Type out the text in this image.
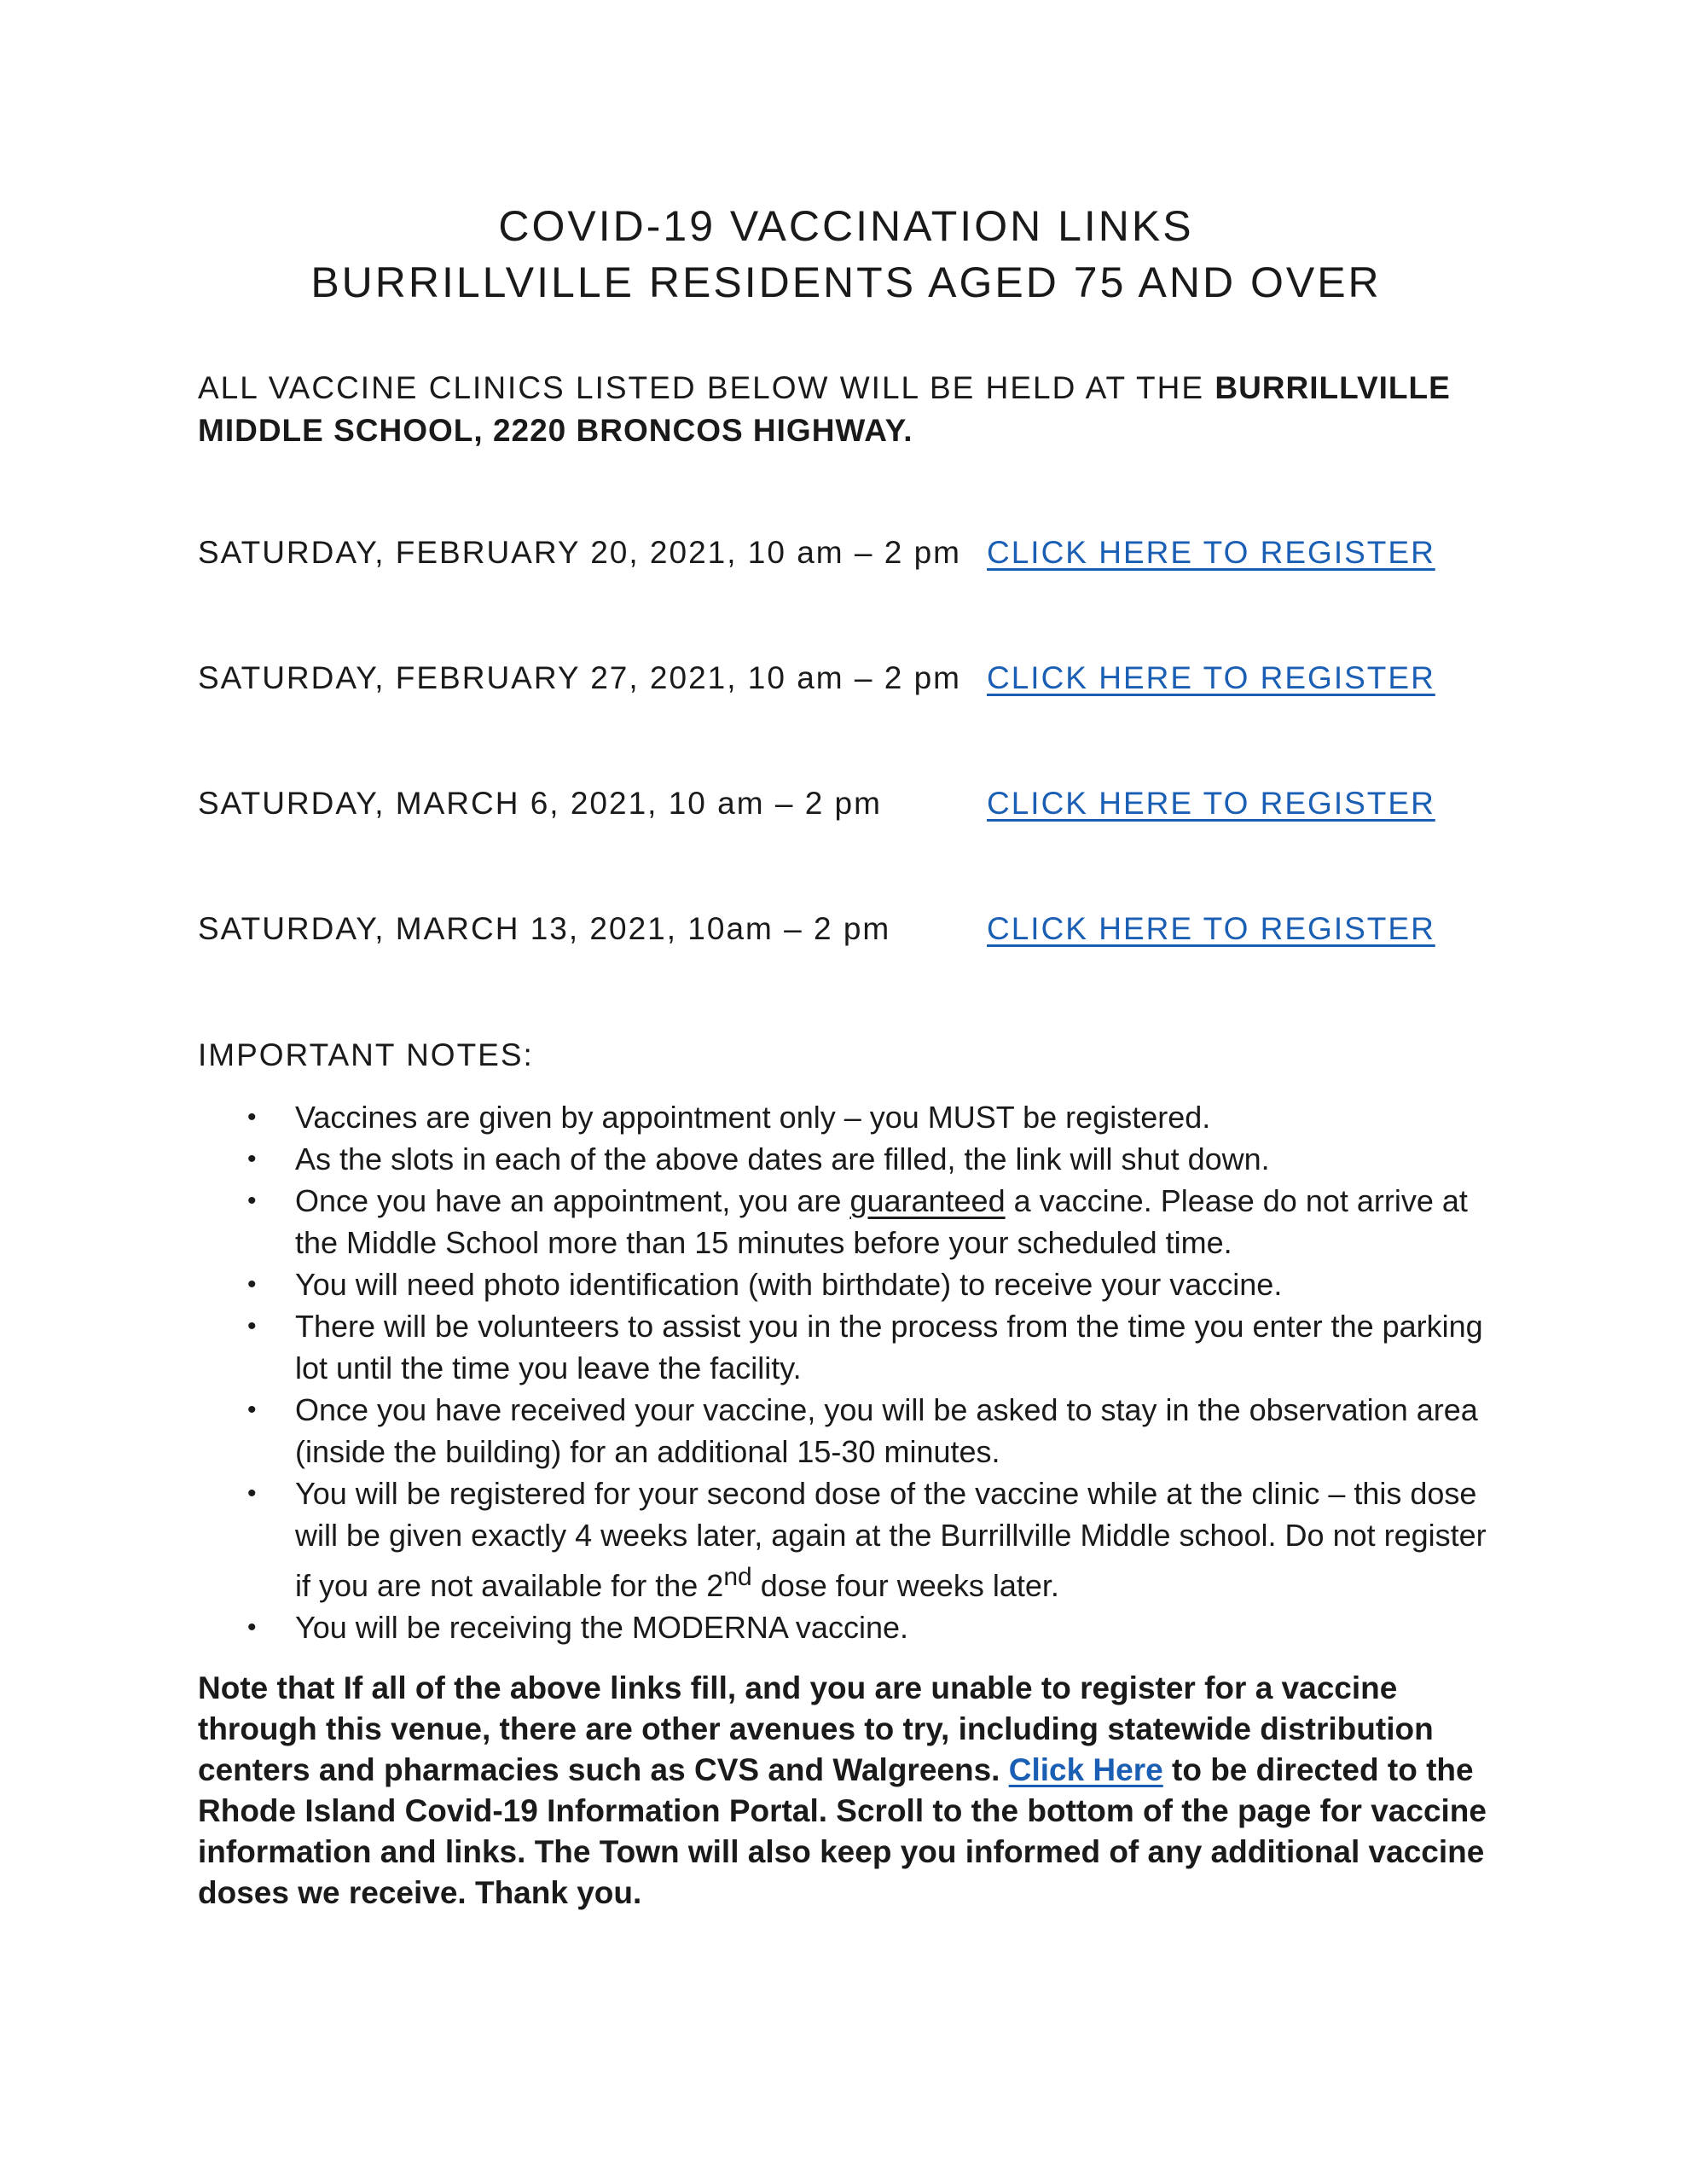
COVID-19 VACCINATION LINKS
BURRILLVILLE RESIDENTS AGED 75 AND OVER
ALL VACCINE CLINICS LISTED BELOW WILL BE HELD AT THE BURRILLVILLE MIDDLE SCHOOL, 2220 BRONCOS HIGHWAY.
SATURDAY, FEBRUARY 20, 2021, 10 am – 2 pm CLICK HERE TO REGISTER
SATURDAY, FEBRUARY 27, 2021, 10 am – 2 pm CLICK HERE TO REGISTER
SATURDAY, MARCH 6, 2021, 10 am – 2 pm	CLICK HERE TO REGISTER
SATURDAY, MARCH 13, 2021, 10am – 2 pm	CLICK HERE TO REGISTER
IMPORTANT NOTES:
• Vaccines are given by appointment only – you MUST be registered.
• As the slots in each of the above dates are filled, the link will shut down.
• Once you have an appointment, you are guaranteed a vaccine. Please do not arrive at the Middle School more than 15 minutes before your scheduled time.
• You will need photo identification (with birthdate) to receive your vaccine.
• There will be volunteers to assist you in the process from the time you enter the parking lot until the time you leave the facility.
• Once you have received your vaccine, you will be asked to stay in the observation area (inside the building) for an additional 15-30 minutes.
• You will be registered for your second dose of the vaccine while at the clinic – this dose will be given exactly 4 weeks later, again at the Burrillville Middle school. Do not register if you are not available for the 2nd dose four weeks later.
• You will be receiving the MODERNA vaccine.
Note that If all of the above links fill, and you are unable to register for a vaccine through this venue, there are other avenues to try, including statewide distribution centers and pharmacies such as CVS and Walgreens. Click Here to be directed to the Rhode Island Covid-19 Information Portal. Scroll to the bottom of the page for vaccine information and links. The Town will also keep you informed of any additional vaccine doses we receive. Thank you.
